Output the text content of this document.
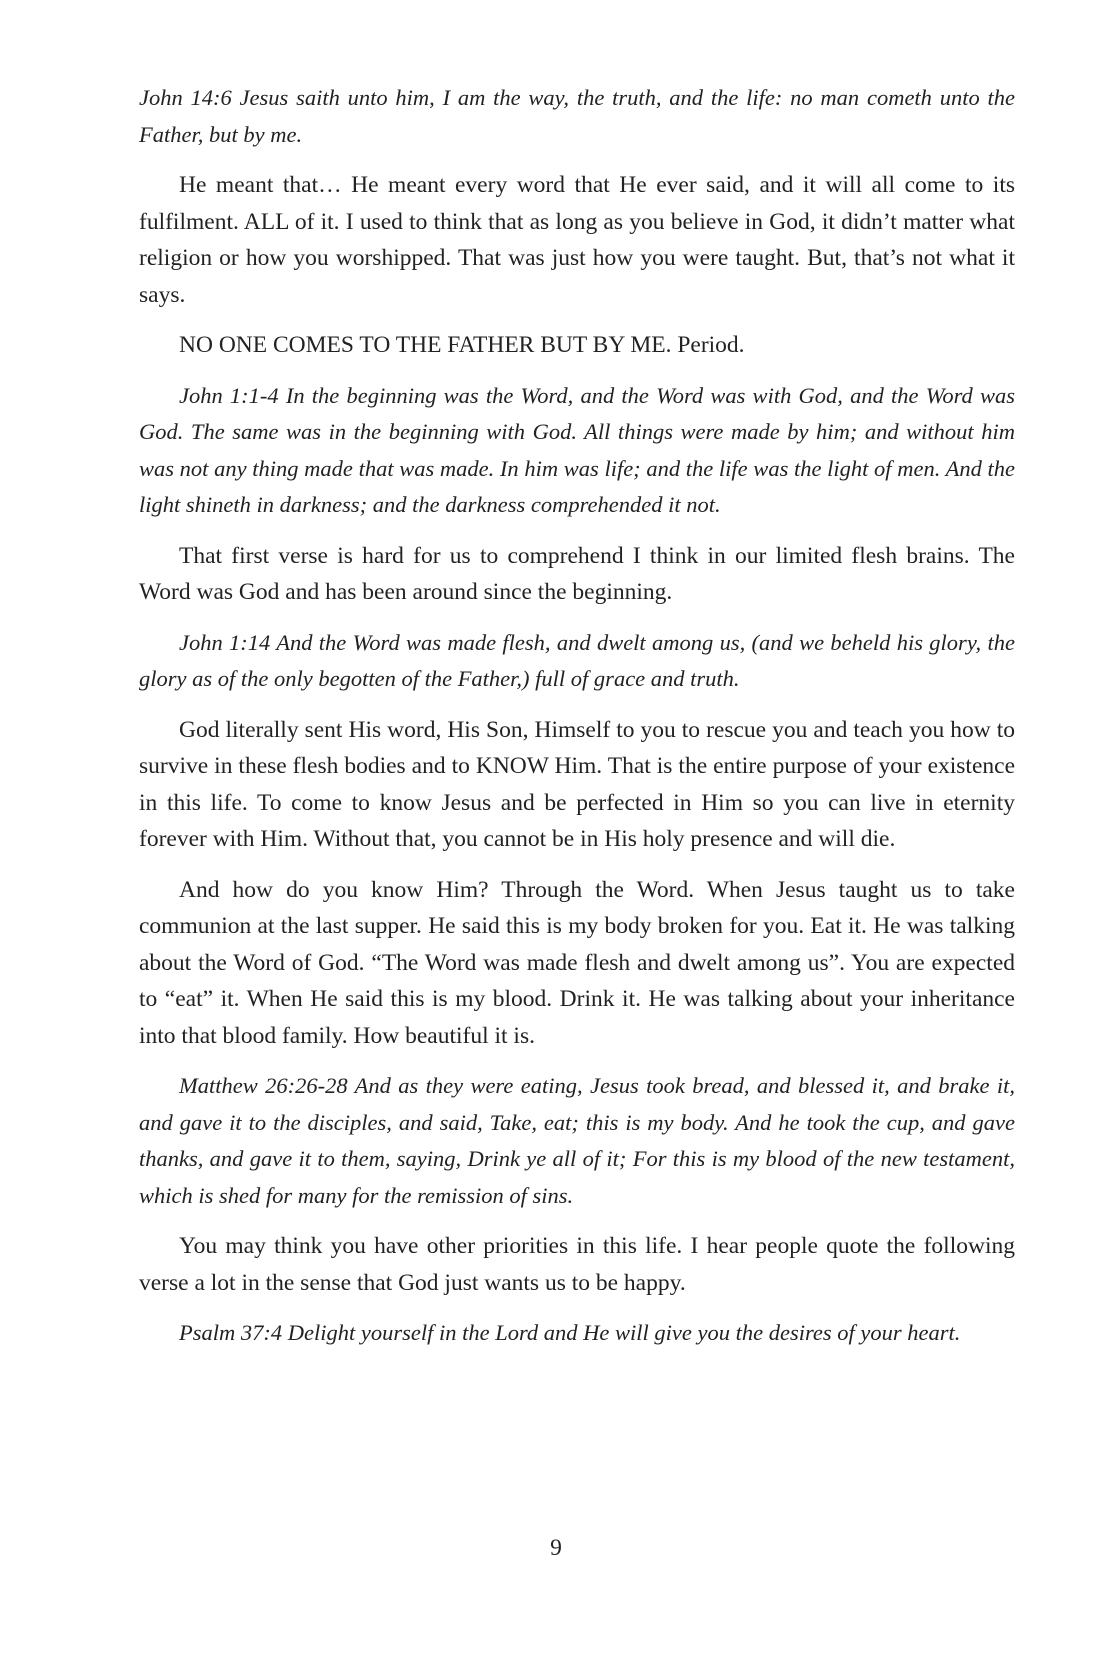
John 14:6 Jesus saith unto him, I am the way, the truth, and the life: no man cometh unto the Father, but by me.

He meant that… He meant every word that He ever said, and it will all come to its fulfilment. ALL of it. I used to think that as long as you believe in God, it didn’t matter what religion or how you worshipped. That was just how you were taught. But, that’s not what it says.

NO ONE COMES TO THE FATHER BUT BY ME. Period.

John 1:1-4 In the beginning was the Word, and the Word was with God, and the Word was God. The same was in the beginning with God. All things were made by him; and without him was not any thing made that was made. In him was life; and the life was the light of men. And the light shineth in darkness; and the darkness comprehended it not.

That first verse is hard for us to comprehend I think in our limited flesh brains. The Word was God and has been around since the beginning.

John 1:14 And the Word was made flesh, and dwelt among us, (and we beheld his glory, the glory as of the only begotten of the Father,) full of grace and truth.

God literally sent His word, His Son, Himself to you to rescue you and teach you how to survive in these flesh bodies and to KNOW Him. That is the entire purpose of your existence in this life. To come to know Jesus and be perfected in Him so you can live in eternity forever with Him. Without that, you cannot be in His holy presence and will die.

And how do you know Him? Through the Word. When Jesus taught us to take communion at the last supper. He said this is my body broken for you. Eat it. He was talking about the Word of God. “The Word was made flesh and dwelt among us”. You are expected to “eat” it. When He said this is my blood. Drink it. He was talking about your inheritance into that blood family. How beautiful it is.

Matthew 26:26-28 And as they were eating, Jesus took bread, and blessed it, and brake it, and gave it to the disciples, and said, Take, eat; this is my body. And he took the cup, and gave thanks, and gave it to them, saying, Drink ye all of it; For this is my blood of the new testament, which is shed for many for the remission of sins.

You may think you have other priorities in this life. I hear people quote the following verse a lot in the sense that God just wants us to be happy.

Psalm 37:4 Delight yourself in the Lord and He will give you the desires of your heart.

9
